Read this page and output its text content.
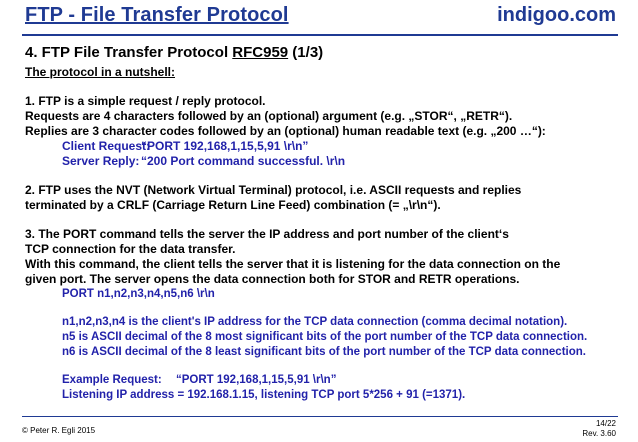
FTP - File Transfer Protocol	indigoo.com
4. FTP File Transfer Protocol RFC959 (1/3)
The protocol in a nutshell:
1. FTP is a simple request / reply protocol.
Requests are 4 characters followed by an (optional) argument (e.g. „STOR“, „RETR“).
Replies are 3 character codes followed by an (optional) human readable text (e.g. „200 …“):
Client Request:“PORT 192,168,1,15,5,91 \r\n”
Server Reply: “200 Port command successful. \r\n
2. FTP uses the NVT (Network Virtual Terminal) protocol, i.e. ASCII requests and replies
terminated by a CRLF (Carriage Return Line Feed) combination (= „\r\n“).
3. The PORT command tells the server the IP address and port number of the client‘s
TCP connection for the data transfer.
With this command, the client tells the server that it is listening for the data connection on the
given port. The server opens the data connection both for STOR and RETR operations.
PORT n1,n2,n3,n4,n5,n6 \r\n
n1,n2,n3,n4 is the client's IP address for the TCP data connection (comma decimal notation).
n5 is ASCII decimal of the 8 most significant bits of the port number of the TCP data connection.
n6 is ASCII decimal of the 8 least significant bits of the port number of the TCP data connection.
Example Request: “PORT 192,168,1,15,5,91 \r\n”
Listening IP address = 192.168.1.15, listening TCP port 5*256 + 91 (=1371).
© Peter R. Egli 2015
14/22
Rev. 3.60
